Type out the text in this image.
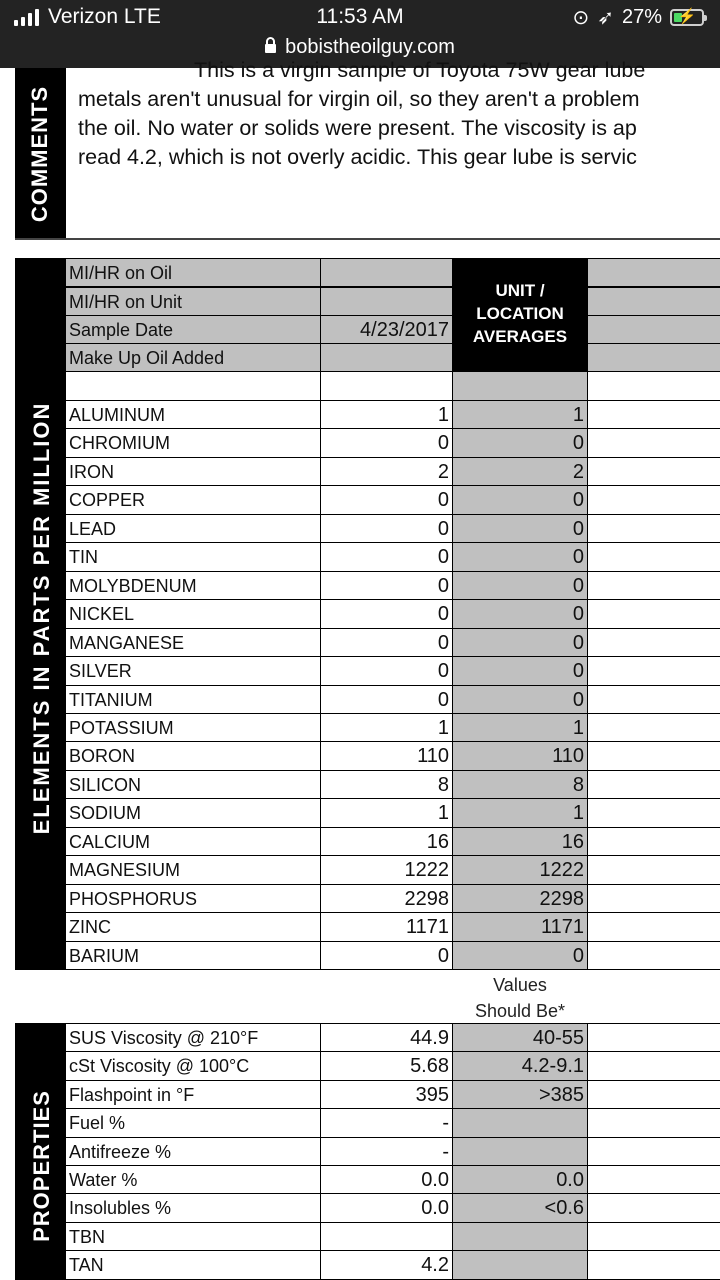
Verizon LTE	11:53 AM	⊙ ➶ 27%	⚡
bobistheoilguy.com
COMMENTS
This is a virgin sample of Toyota 75W gear lube
metals aren't unusual for virgin oil, so they aren't a problem
the oil. No water or solids were present. The viscosity is ap
read 4.2, which is not overly acidic. This gear lube is servic
ELEMENTS IN PARTS PER MILLION
PROPERTIES
MI/HR on Oil
MI/HR on Unit
Sample Date	4/23/2017
Make Up Oil Added
UNIT /
LOCATION
AVERAGES
ALUMINUM	1	1
CHROMIUM	0	0
IRON	2	2
COPPER	0	0
LEAD	0	0
TIN	0	0
MOLYBDENUM	0	0
NICKEL	0	0
MANGANESE	0	0
SILVER	0	0
TITANIUM	0	0
POTASSIUM	1	1
BORON	110	110
SILICON	8	8
SODIUM	1	1
CALCIUM	16	16
MAGNESIUM	1222	1222
PHOSPHORUS	2298	2298
ZINC	1171	1171
BARIUM	0	0
Values
Should Be*
SUS Viscosity @ 210°F	44.9	40-55
cSt Viscosity @ 100°C	5.68	4.2-9.1
Flashpoint in °F	395	>385
Fuel %	-
Antifreeze %	-
Water %	0.0	0.0
Insolubles %	0.0	<0.6
TBN
TAN	4.2
